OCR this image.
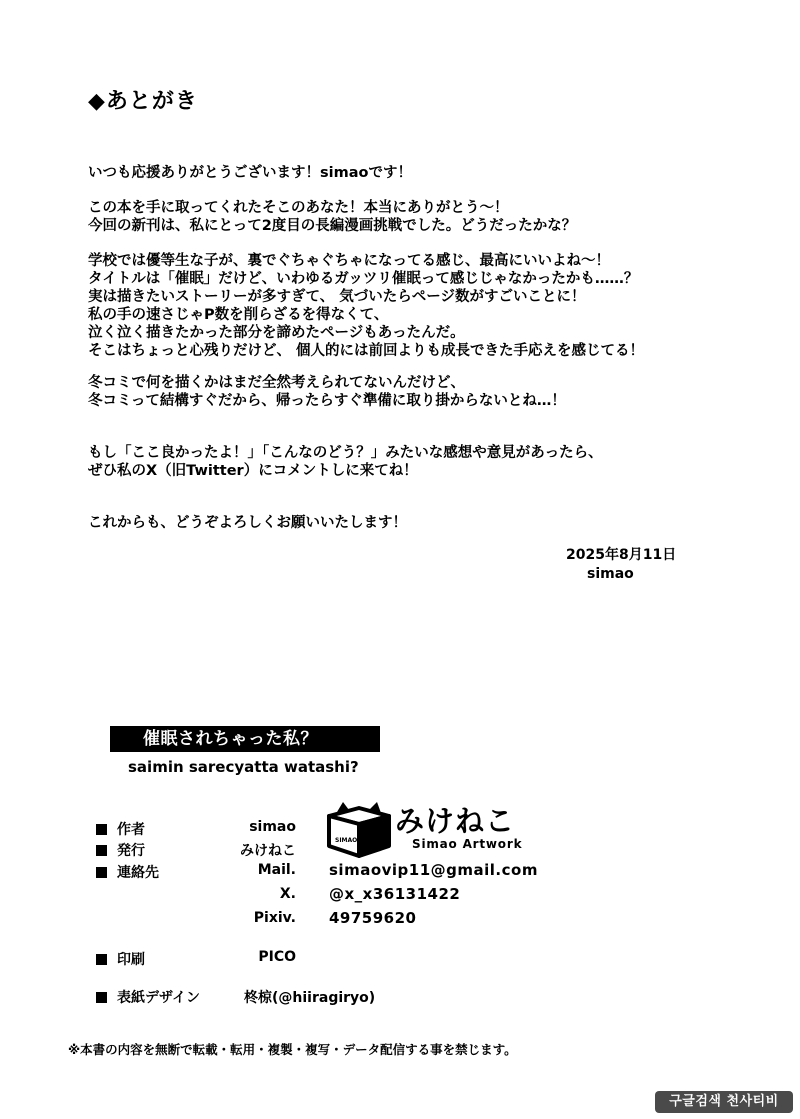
◆あとがき
いつも応援ありがとうございます！simaoです！
この本を手に取ってくれたそこのあなた！本当にありがとう～！
今回の新刊は、私にとって2度目の長編漫画挑戦でした。どうだったかな？
学校では優等生な子が、裏でぐちゃぐちゃになってる感じ、最高にいいよね～！
タイトルは「催眠」だけど、いわゆるガッツリ催眠って感じじゃなかったかも……？
実は描きたいストーリーが多すぎて、 気づいたらページ数がすごいことに！
私の手の速さじゃP数を削らざるを得なくて、
泣く泣く描きたかった部分を諦めたページもあったんだ。
そこはちょっと心残りだけど、 個人的には前回よりも成長できた手応えを感じてる！
冬コミで何を描くかはまだ全然考えられてないんだけど、
冬コミって結構すぐだから、帰ったらすぐ準備に取り掛からないとね…！
もし「ここ良かったよ！」「こんなのどう？」みたいな感想や意見があったら、
ぜひ私のX（旧Twitter）にコメントしに来てね！
これからも、どうぞよろしくお願いいたします！
2025年8月11日
simao
催眠されちゃった私？
saimin sarecyatta watashi?
作者	simao
発行	みけねこ
連絡先	Mail. simaovip11@gmail.com
X. @x_x36131422
Pixiv. 49759620
印刷	PICO
表紙デザイン	柊椋(@hiiragiryo)
SIMAO
みけねこ
Simao Artwork
※本書の内容を無断で転載・転用・複製・複写・データ配信する事を禁じます。
구글검색 천사티비
